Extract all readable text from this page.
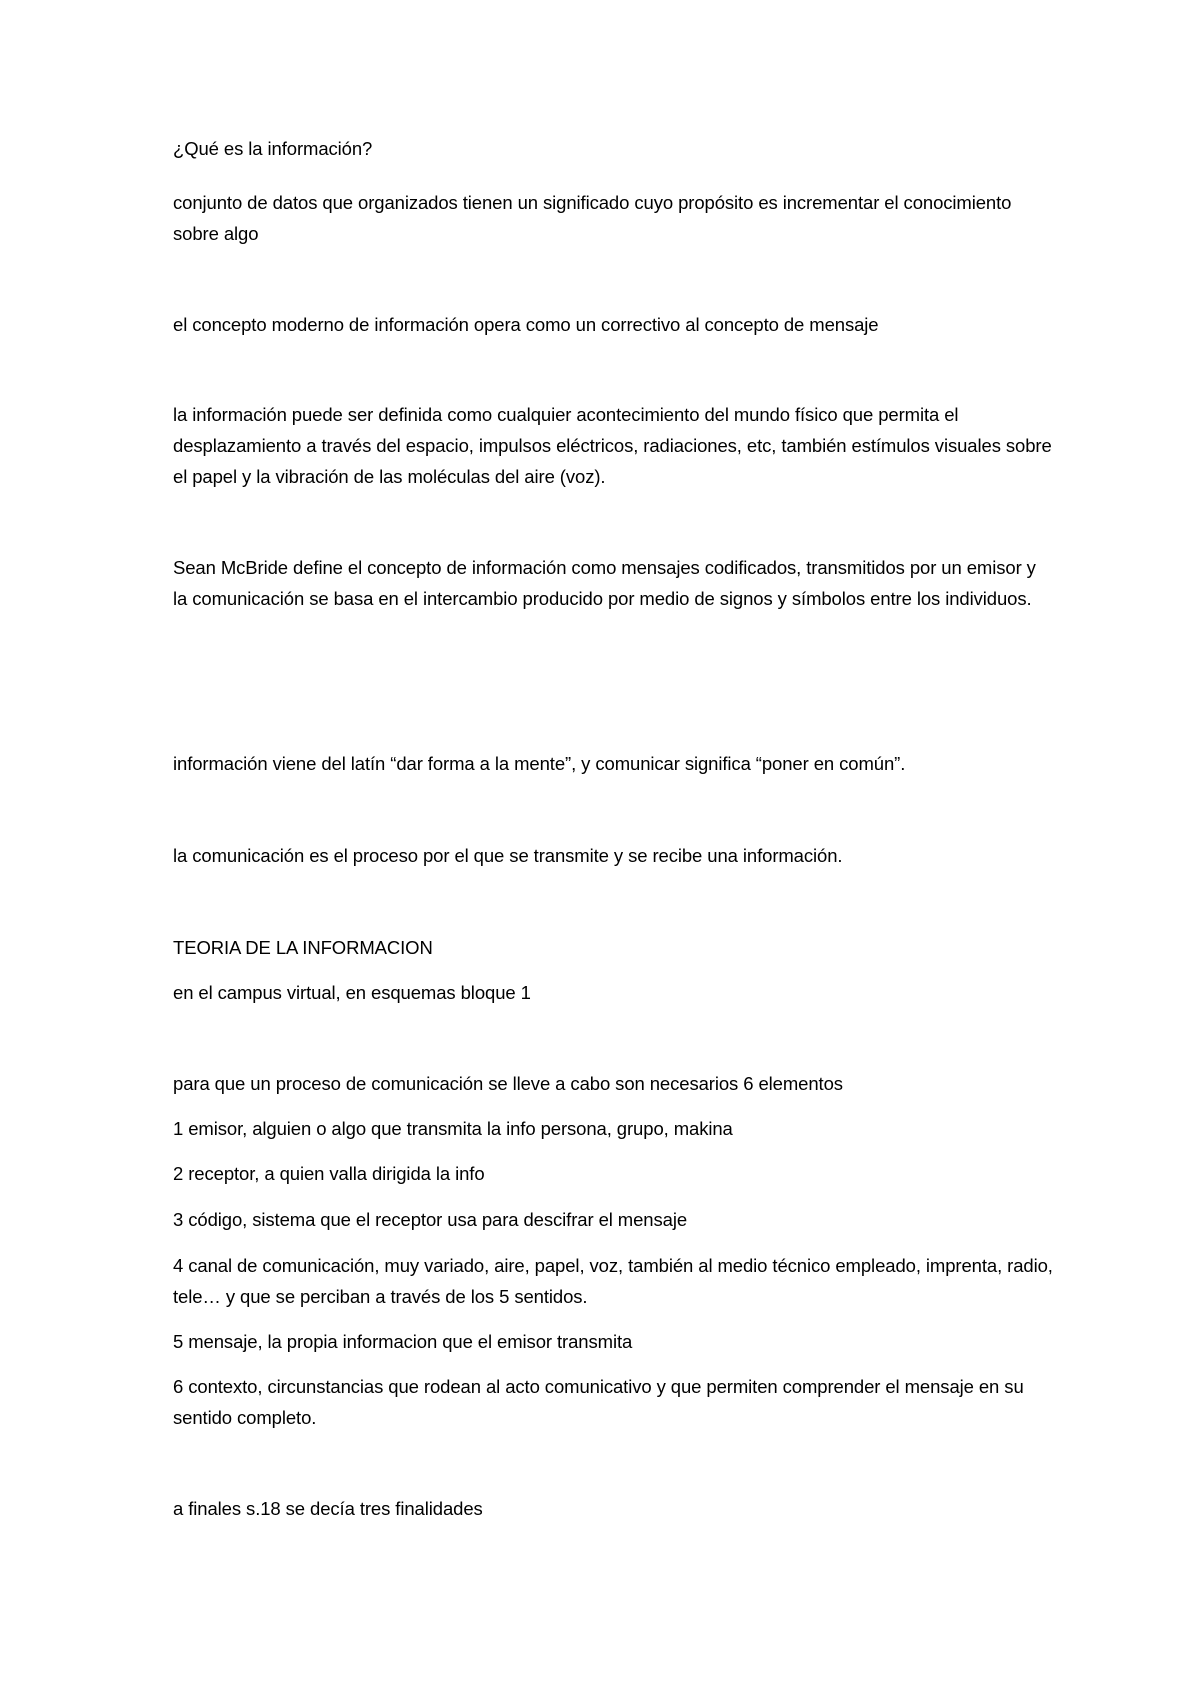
¿Qué es la información?

conjunto de datos que organizados tienen un significado cuyo propósito es incrementar el conocimiento sobre algo

el concepto moderno de información opera como un correctivo al concepto de mensaje

la información puede ser definida como cualquier acontecimiento del mundo físico que permita el desplazamiento a través del espacio, impulsos eléctricos, radiaciones, etc, también estímulos visuales sobre el papel y la vibración de las moléculas del aire (voz).

Sean McBride define el concepto de información como mensajes codificados, transmitidos por un emisor y la comunicación se basa en el intercambio producido por medio de signos y símbolos entre los individuos.

información viene del latín “dar forma a la mente”, y comunicar significa “poner en común”.

la comunicación es el proceso por el que se transmite y se recibe una información.

TEORIA DE LA INFORMACION

en el campus virtual, en esquemas bloque 1

para que un proceso de comunicación se lleve a cabo son necesarios 6 elementos

1 emisor, alguien o algo que transmita la info persona, grupo, makina

2 receptor, a quien valla dirigida la info

3 código, sistema que el receptor usa para descifrar el mensaje

4 canal de comunicación, muy variado, aire, papel, voz, también al medio técnico empleado, imprenta, radio, tele… y que se perciban a través de los 5 sentidos.

5 mensaje, la propia informacion que el emisor transmita

6 contexto, circunstancias que rodean al acto comunicativo y que permiten comprender el mensaje en su sentido completo.

a finales s.18 se decía tres finalidades
